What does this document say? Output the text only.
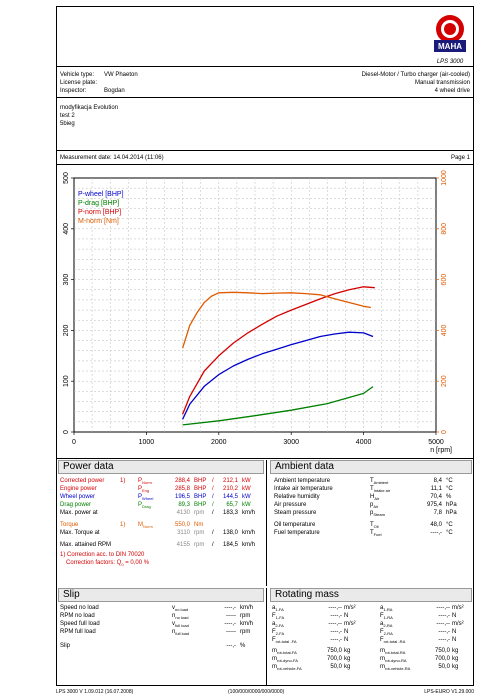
MAHA
LPS 3000
Vehicle type: VW Phaeton
License plate:
Inspector:	Bogdan
Diesel-Motor / Turbo charger (air-cooled)
Manual transmission
4 wheel drive
modyfikacja Evolution
test 2
5bieg
Measurement date: 14.04.2014 (11:06)	Page 1
0	1000	2000	3000	4000	5000
n [rpm]
0
100
200
300
400
500
0
200
400
600
800
1000
P-wheel [BHP]
P-drag [BHP]
P-norm [BHP]
M-norm [Nm]
Power data
Corrected power	1) $P_{Norm}$	288,4 BHP /	212,1 kW
Engine power	$P_{Eng}$	285,8 BHP /	210,2 kW
Wheel power	$P_{Wheel}$	196,5 BHP /	144,5 kW
Drag power	$P_{Drag}$	89,3 BHP /	65,7 kW
Max. power at	4130 rpm /	183,3 km/h
Torque	1) $M_{Norm}$	550,0 Nm
Max. Torque at	3110 rpm /	138,0 km/h
Max. attained RPM	4155 rpm /	184,5 km/h
1) Correction acc. to DIN 70020
Correction factors: $Q_0 = 0,00$ %
Ambient data
Ambient temperature	$T_{Ambient}$	8,4 °C
Intake air temperature	$T_{Intake air}$	11,1 °C
Relative humidity	$H_{Air}$	70,4 %
Air pressure	$p_{Air}$	975,4 hPa
Steam pressure	$p_{Steam}$	7,8 hPa
Oil temperature	$T_{Oil}$	48,0 °C
Fuel temperature	$T_{Fuel}$	----,- °C
Slip
Speed no load	$v_{no load}$	----,- km/h
RPM no load	$n_{no load}$	----- rpm
Speed full load	$v_{full load}$	----,- km/h
RPM full load	$n_{full load}$	----- rpm
Slip	---,- %
Rotating mass
$a_{1-FA}$	----,-- m/s²
$F_{1-FA}$	----,- N
$a_{2-FA}$	----,-- m/s²
$F_{2-FA}$	----,- N
$F_{rot-total -FA}$	----,- N
$m_{rot-total-FA}$	750,0 kg
$m_{rot-dyno-FA}$	700,0 kg
$m_{rot-vehicle-FA}$	50,0 kg
$a_{1-RA}$	----,-- m/s²
$F_{1-RA}$	----,- N
$a_{2-RA}$	----,-- m/s²
$F_{2-RA}$	----,- N
$F_{rot-total -RA}$	----,- N
$m_{rot-total-RA}$	750,0 kg
$m_{rot-dyno-RA}$	700,0 kg
$m_{rot-vehicle-RA}$	50,0 kg
LPS 3000 V 1.09.012 (16.07.2008)	(100/000/0000/000/0000)	LPS-EURO V1.29.000
